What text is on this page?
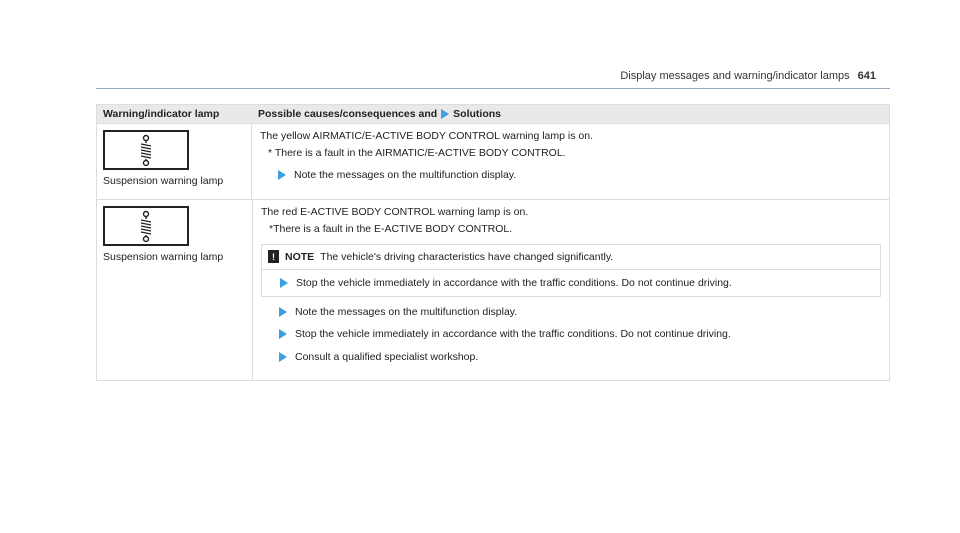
Display messages and warning/indicator lamps 641
Warning/indicator lamp	Possible causes/consequences and Solutions
Suspension warning lamp
The yellow AIRMATIC/E-ACTIVE BODY CONTROL warning lamp is on.
* There is a fault in the AIRMATIC/E-ACTIVE BODY CONTROL.
Note the messages on the multifunction display.
Suspension warning lamp
The red E-ACTIVE BODY CONTROL warning lamp is on.
*There is a fault in the E-ACTIVE BODY CONTROL.
! NOTE The vehicle's driving characteristics have changed significantly.
Stop the vehicle immediately in accordance with the traffic conditions. Do not continue driving.
Note the messages on the multifunction display.
Stop the vehicle immediately in accordance with the traffic conditions. Do not continue driving.
Consult a qualified specialist workshop.
